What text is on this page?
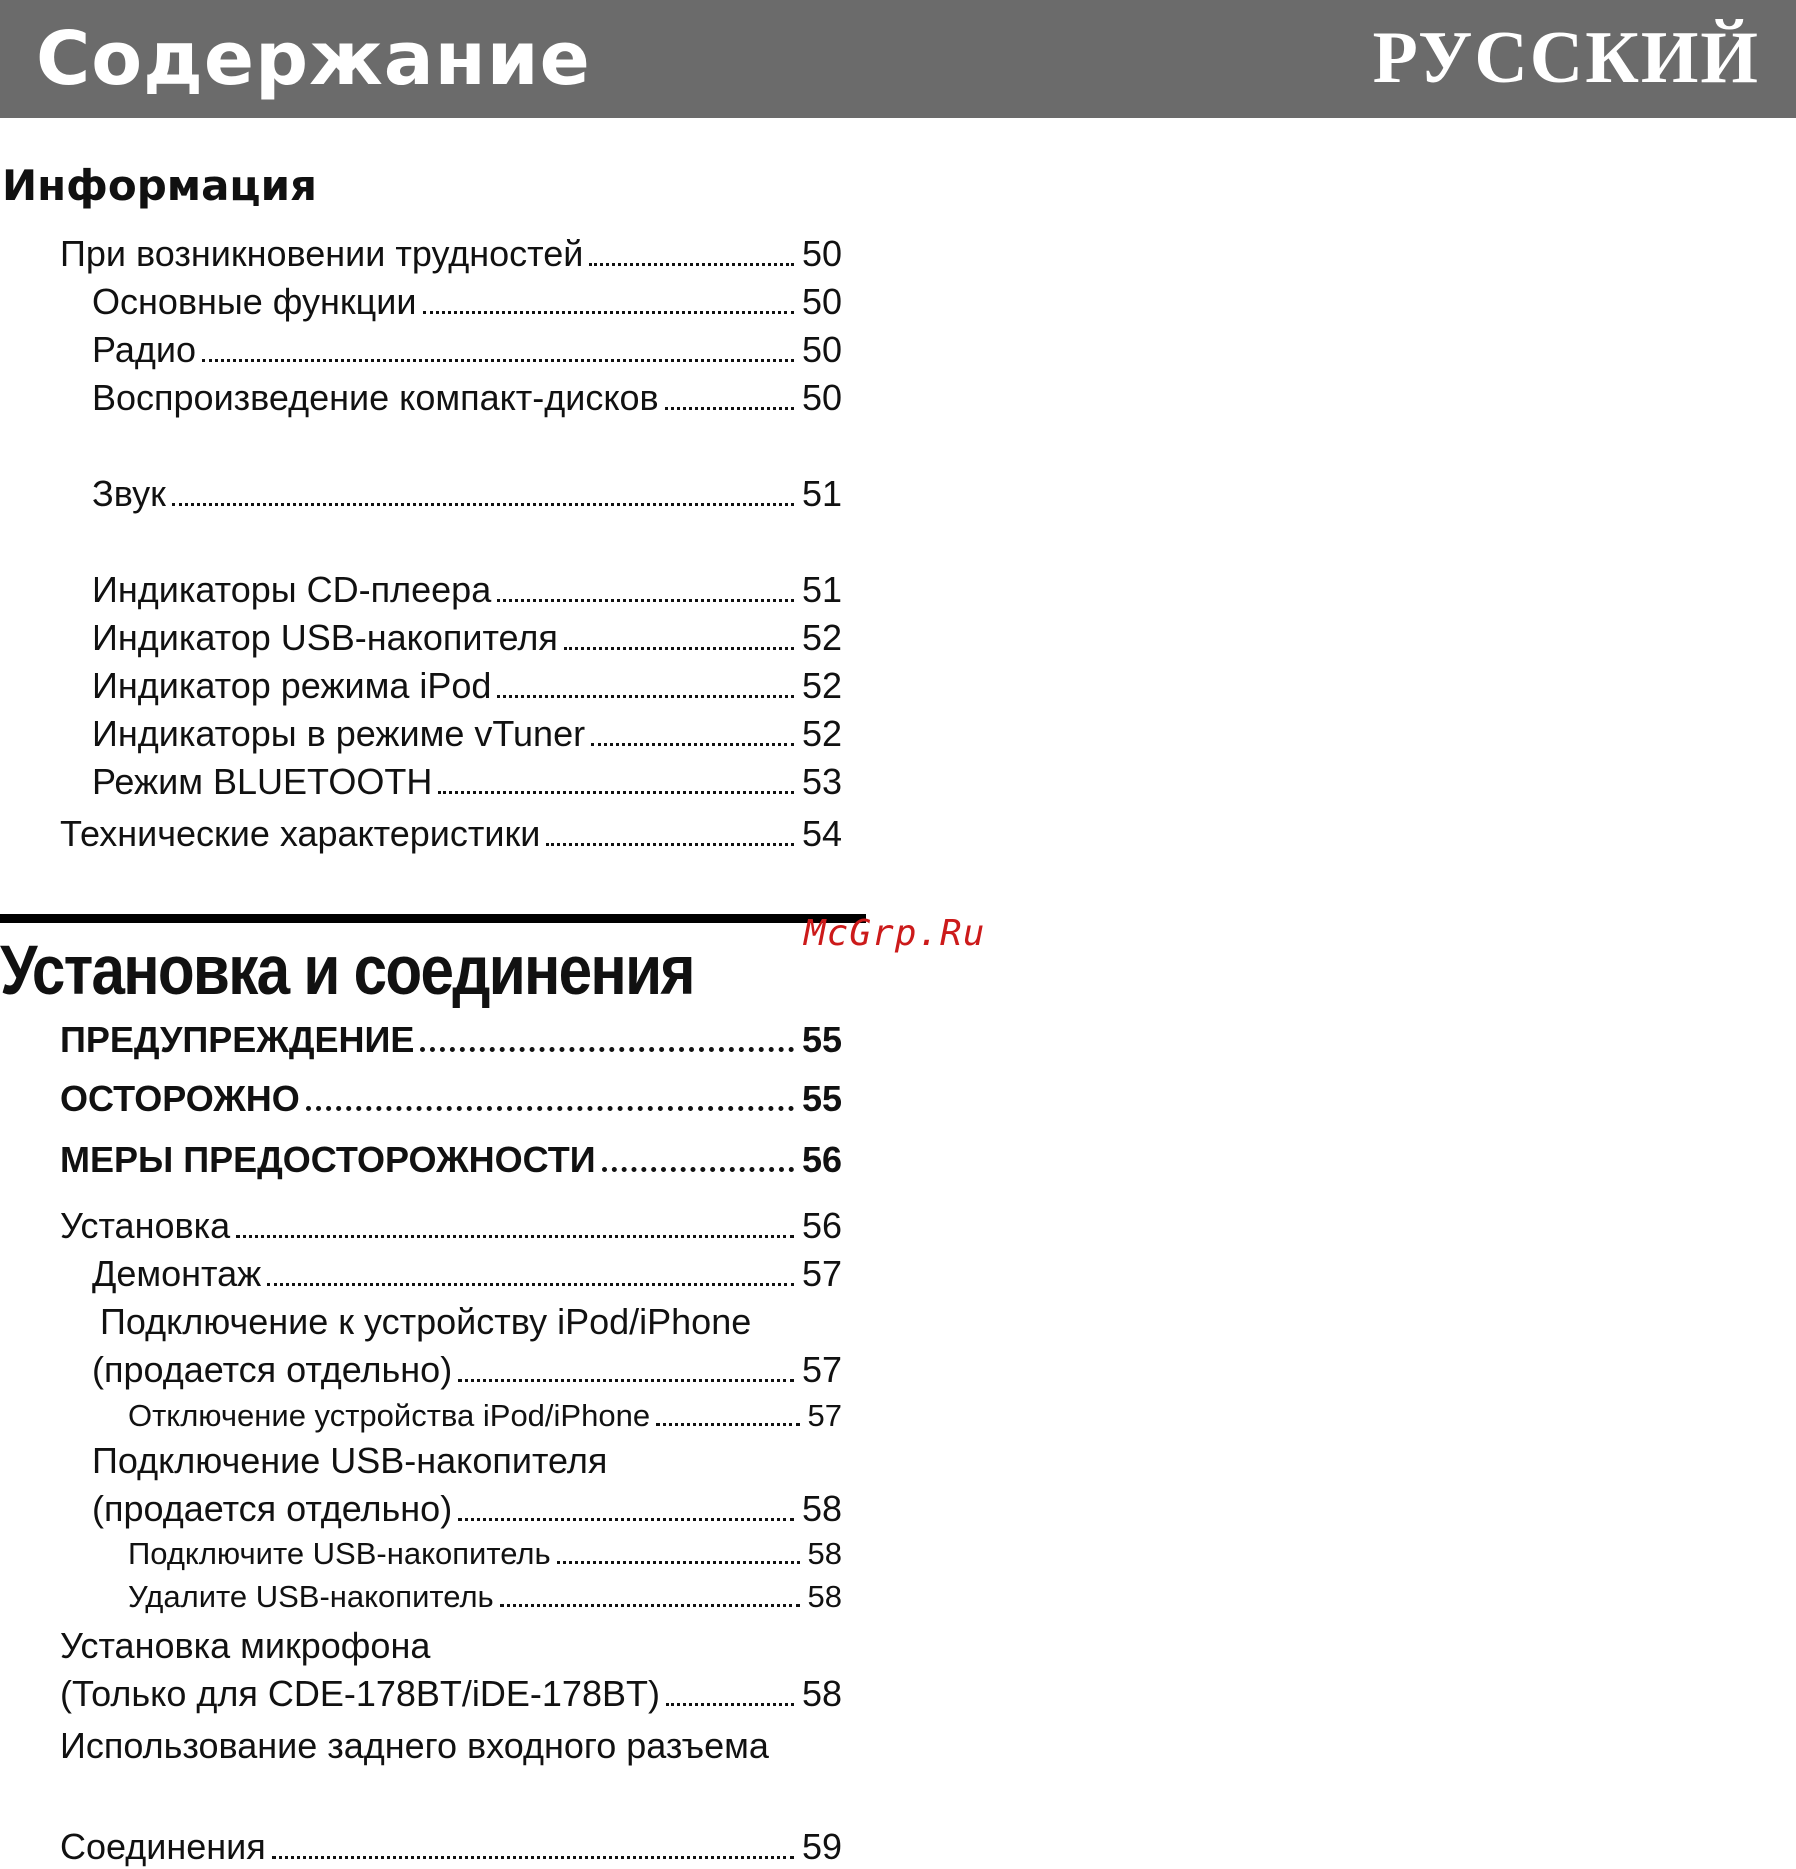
Содержание	РУССКИЙ
Информация
При возникновении трудностей	50
Основные функции	50
Радио	50
Воспроизведение компакт-дисков	50
Звук	51
Индикаторы CD-плеера	51
Индикатор USB-накопителя	52
Индикатор режима iPod	52
Индикаторы в режиме vTuner	52
Режим BLUETOOTH	53
Технические характеристики	54
Установка и соединения	McGrp.Ru
ПРЕДУПРЕЖДЕНИЕ	55
ОСТОРОЖНО	55
МЕРЫ ПРЕДОСТОРОЖНОСТИ	56
Установка	56
Демонтаж	57
Подключение к устройству iPod/iPhone
(продается отдельно)	57
Отключение устройства iPod/iPhone	57
Подключение USB-накопителя
(продается отдельно)	58
Подключите USB-накопитель	58
Удалите USB-накопитель	58
Установка микрофона
(Только для CDE-178BT/iDE-178BT)	58
Использование заднего входного разъема
Соединения	59
